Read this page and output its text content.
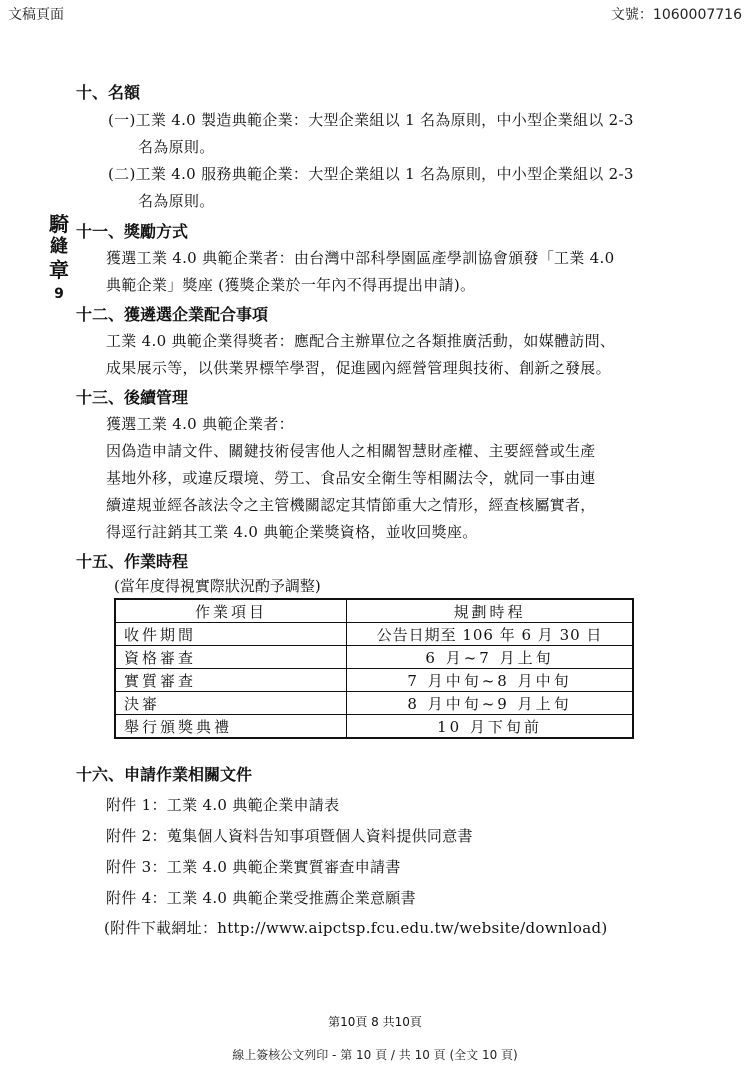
文稿頁面	文號：1060007716
十、名額
(一)工業 4.0 製造典範企業：大型企業組以 1 名為原則，中小型企業組以 2-3
名為原則。
(二)工業 4.0 服務典範企業：大型企業組以 1 名為原則，中小型企業組以 2-3
名為原則。
騎
縫
章
9
十一、獎勵方式
獲選工業 4.0 典範企業者：由台灣中部科學園區產學訓協會頒發「工業 4.0
典範企業」獎座 (獲獎企業於一年內不得再提出申請)。
十二、獲遴選企業配合事項
工業 4.0 典範企業得獎者：應配合主辦單位之各類推廣活動，如媒體訪問、
成果展示等，以供業界標竿學習，促進國內經營管理與技術、創新之發展。
十三、後續管理
獲選工業 4.0 典範企業者：
因偽造申請文件、關鍵技術侵害他人之相關智慧財產權、主要經營或生產
基地外移，或違反環境、勞工、食品安全衛生等相關法令，就同一事由連
續違規並經各該法令之主管機關認定其情節重大之情形，經查核屬實者，
得逕行註銷其工業 4.0 典範企業獎資格，並收回獎座。
十五、作業時程
(當年度得視實際狀況酌予調整)
作業項目	規劃時程
收件期間	公告日期至 106 年 6 月 30 日
資格審查	6 月~7 月上旬
實質審查	7 月中旬~8 月中旬
決審	8 月中旬~9 月上旬
舉行頒獎典禮	10 月下旬前
十六、申請作業相關文件
附件 1：工業 4.0 典範企業申請表
附件 2：蒐集個人資料告知事項暨個人資料提供同意書
附件 3：工業 4.0 典範企業實質審查申請書
附件 4：工業 4.0 典範企業受推薦企業意願書
(附件下載網址：http://www.aipctsp.fcu.edu.tw/website/download)
第10頁 8 共10頁
線上簽核公文列印 - 第 10 頁 / 共 10 頁 (全文 10 頁)
